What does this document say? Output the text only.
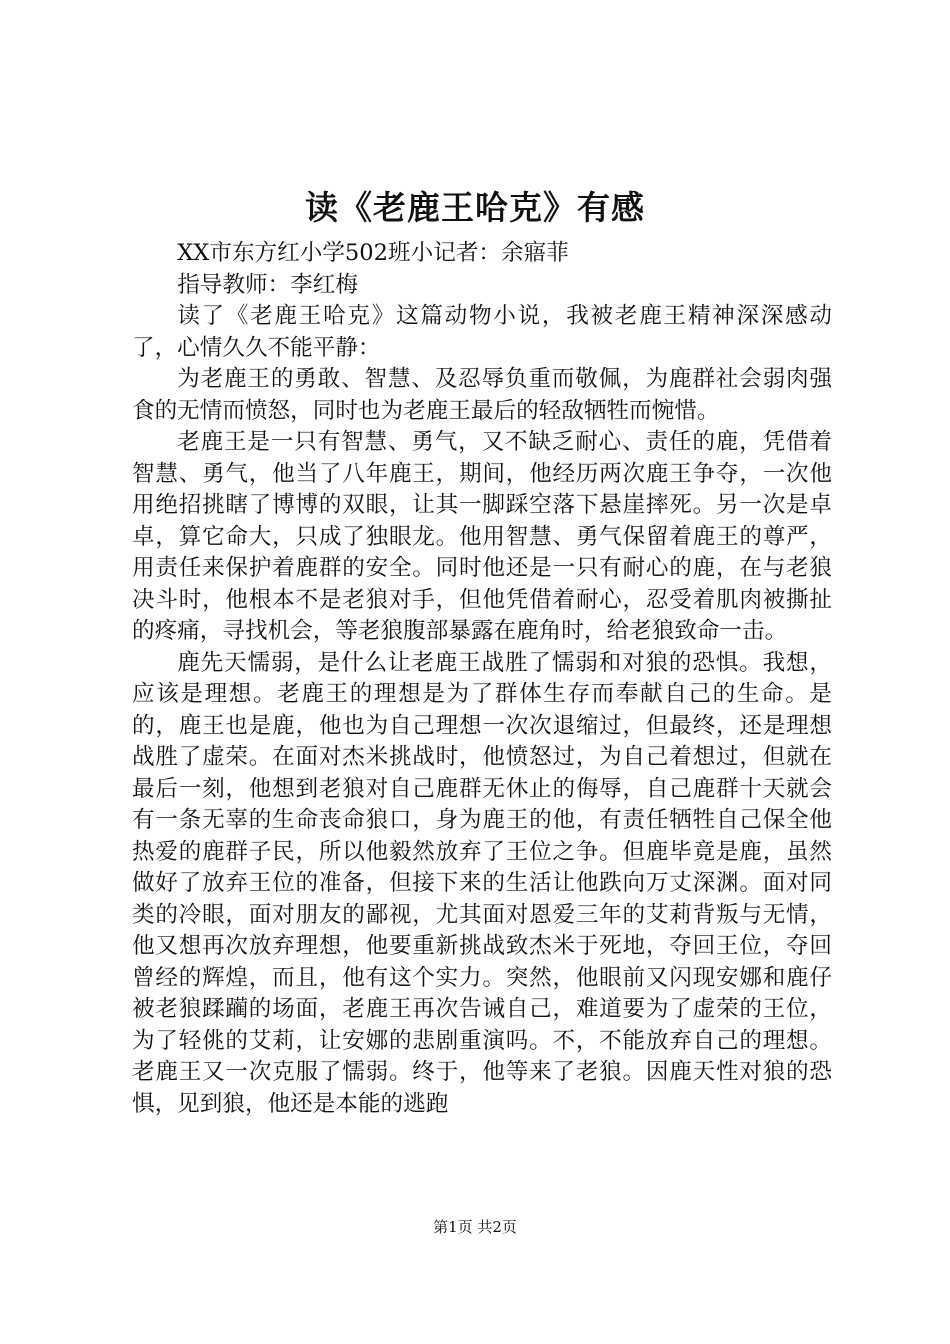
读《老鹿王哈克》有感

XX市东方红小学502班小记者：余寤菲

指导教师：李红梅

读了《老鹿王哈克》这篇动物小说，我被老鹿王精神深深感动了，心情久久不能平静：

为老鹿王的勇敢、智慧、及忍辱负重而敬佩，为鹿群社会弱肉强食的无情而愤怒，同时也为老鹿王最后的轻敌牺牲而惋惜。

老鹿王是一只有智慧、勇气，又不缺乏耐心、责任的鹿，凭借着智慧、勇气，他当了八年鹿王，期间，他经历两次鹿王争夺，一次他用绝招挑瞎了博博的双眼，让其一脚踩空落下悬崖摔死。另一次是卓卓，算它命大，只成了独眼龙。他用智慧、勇气保留着鹿王的尊严，用责任来保护着鹿群的安全。同时他还是一只有耐心的鹿，在与老狼决斗时，他根本不是老狼对手，但他凭借着耐心，忍受着肌肉被撕扯的疼痛，寻找机会，等老狼腹部暴露在鹿角时，给老狼致命一击。

鹿先天懦弱，是什么让老鹿王战胜了懦弱和对狼的恐惧。我想，应该是理想。老鹿王的理想是为了群体生存而奉献自己的生命。是的，鹿王也是鹿，他也为自己理想一次次退缩过，但最终，还是理想战胜了虚荣。在面对杰米挑战时，他愤怒过，为自己着想过，但就在最后一刻，他想到老狼对自己鹿群无休止的侮辱，自己鹿群十天就会有一条无辜的生命丧命狼口，身为鹿王的他，有责任牺牲自己保全他热爱的鹿群子民，所以他毅然放弃了王位之争。但鹿毕竟是鹿，虽然做好了放弃王位的准备，但接下来的生活让他跌向万丈深渊。面对同类的冷眼，面对朋友的鄙视，尤其面对恩爱三年的艾莉背叛与无情，他又想再次放弃理想，他要重新挑战致杰米于死地，夺回王位，夺回曾经的辉煌，而且，他有这个实力。突然，他眼前又闪现安娜和鹿仔被老狼蹂躏的场面，老鹿王再次告诫自己，难道要为了虚荣的王位，为了轻佻的艾莉，让安娜的悲剧重演吗。不，不能放弃自己的理想。老鹿王又一次克服了懦弱。终于，他等来了老狼。因鹿天性对狼的恐惧，见到狼，他还是本能的逃跑

第1页 共2页
